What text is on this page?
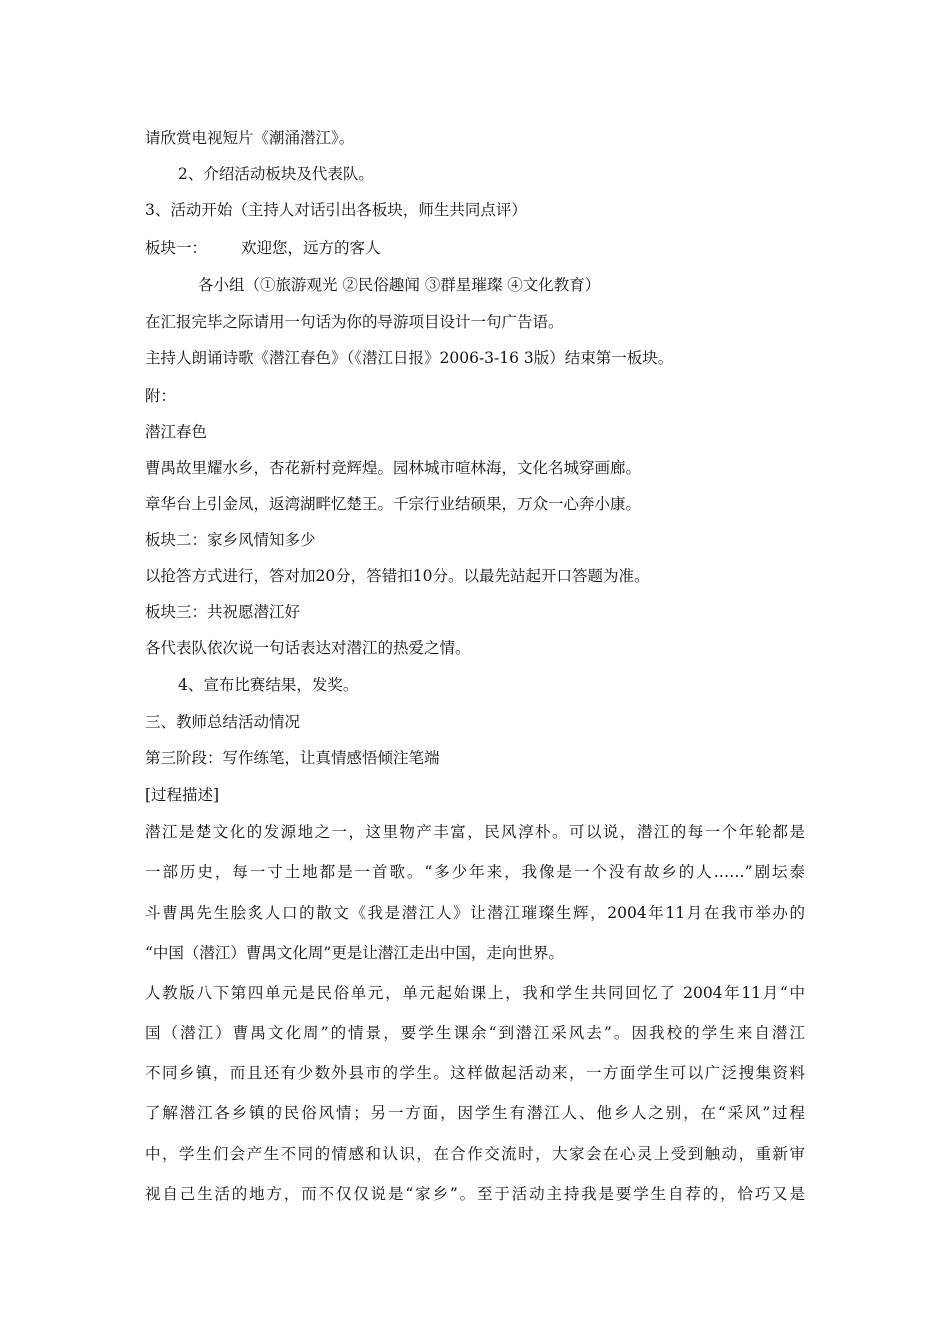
请欣赏电视短片《潮涌潜江》。
2、介绍活动板块及代表队。
3、活动开始（主持人对话引出各板块，师生共同点评）
板块一： 欢迎您，远方的客人
各小组（①旅游观光 ②民俗趣闻 ③群星璀璨 ④文化教育）
在汇报完毕之际请用一句话为你的导游项目设计一句广告语。
主持人朗诵诗歌《潜江春色》（《潜江日报》2006-3-16 3版）结束第一板块。
附：
潜江春色
曹禺故里耀水乡，杏花新村竞辉煌。园林城市喧林海，文化名城穿画廊。
章华台上引金凤，返湾湖畔忆楚王。千宗行业结硕果，万众一心奔小康。
板块二：家乡风情知多少
以抢答方式进行，答对加20分，答错扣10分。以最先站起开口答题为准。
板块三：共祝愿潜江好
各代表队依次说一句话表达对潜江的热爱之情。
4、宣布比赛结果，发奖。
三、教师总结活动情况
第三阶段：写作练笔，让真情感悟倾注笔端
[过程描述]
潜江是楚文化的发源地之一，这里物产丰富，民风淳朴。可以说，潜江的每一个年轮都是
一部历史，每一寸土地都是一首歌。“多少年来，我像是一个没有故乡的人……”剧坛泰
斗曹禺先生脍炙人口的散文《我是潜江人》让潜江璀璨生辉，2004年11月在我市举办的
“中国（潜江）曹禺文化周”更是让潜江走出中国，走向世界。
人教版八下第四单元是民俗单元，单元起始课上，我和学生共同回忆了 2004年11月“中
国（潜江）曹禺文化周”的情景，要学生课余“到潜江采风去”。因我校的学生来自潜江
不同乡镇，而且还有少数外县市的学生。这样做起活动来，一方面学生可以广泛搜集资料
了解潜江各乡镇的民俗风情；另一方面，因学生有潜江人、他乡人之别，在“采风”过程
中，学生们会产生不同的情感和认识，在合作交流时，大家会在心灵上受到触动，重新审
视自己生活的地方，而不仅仅说是“家乡”。至于活动主持我是要学生自荐的，恰巧又是
